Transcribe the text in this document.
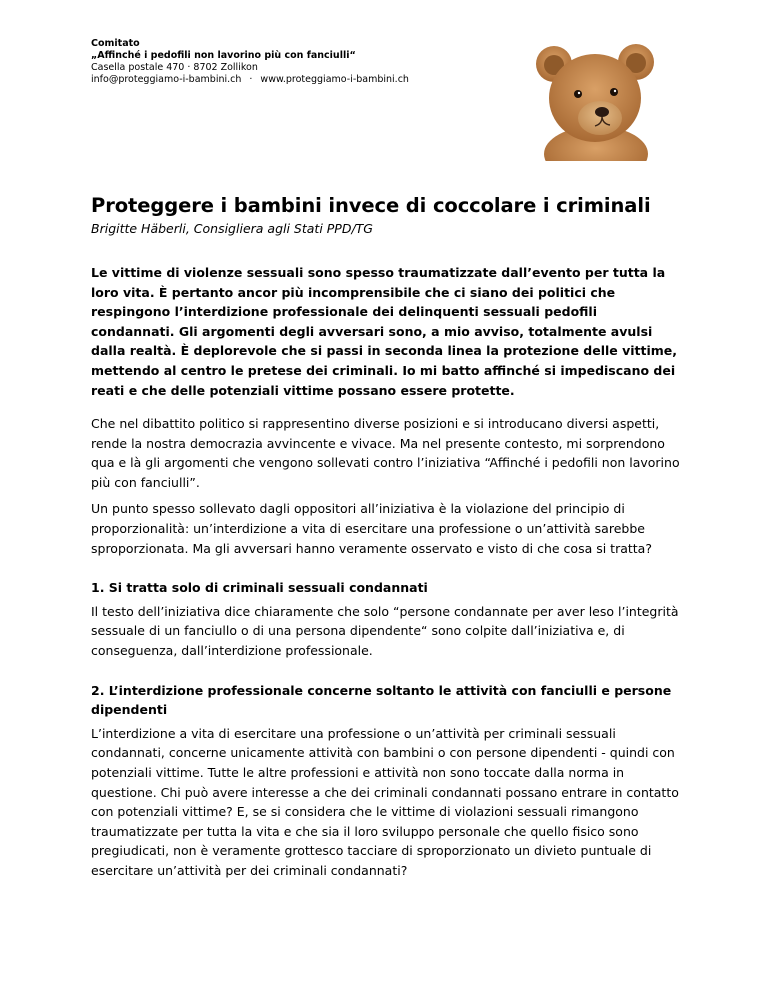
Comitato
„Affinché i pedofili non lavorino più con fanciulli“
Casella postale 470 · 8702 Zollikon
info@proteggiamo-i-bambini.ch · www.proteggiamo-i-bambini.ch
Proteggere i bambini invece di coccolare i criminali

Brigitte Häberli, Consigliera agli Stati PPD/TG

Le vittime di violenze sessuali sono spesso traumatizzate dall’evento per tutta la loro vita. È pertanto ancor più incomprensibile che ci siano dei politici che respingono l’interdizione professionale dei delinquenti sessuali pedofili condannati. Gli argomenti degli avversari sono, a mio avviso, totalmente avulsi dalla realtà. È deplorevole che si passi in seconda linea la protezione delle vittime, mettendo al centro le pretese dei criminali. Io mi batto affinché si impediscano dei reati e che delle potenziali vittime possano essere protette.

Che nel dibattito politico si rappresentino diverse posizioni e si introducano diversi aspetti, rende la nostra democrazia avvincente e vivace. Ma nel presente contesto, mi sorprendono qua e là gli argomenti che vengono sollevati contro l’iniziativa “Affinché i pedofili non lavorino più con fanciulli”.

Un punto spesso sollevato dagli oppositori all’iniziativa è la violazione del principio di proporzionalità: un’interdizione a vita di esercitare una professione o un’attività sarebbe sproporzionata. Ma gli avversari hanno veramente osservato e visto di che cosa si tratta?

1. Si tratta solo di criminali sessuali condannati

Il testo dell’iniziativa dice chiaramente che solo “persone condannate per aver leso l’integrità sessuale di un fanciullo o di una persona dipendente“ sono colpite dall’iniziativa e, di conseguenza, dall’interdizione professionale.

2. L’interdizione professionale concerne soltanto le attività con fanciulli e persone dipendenti

L’interdizione a vita di esercitare una professione o un’attività per criminali sessuali condannati, concerne unicamente attività con bambini o con persone dipendenti - quindi con potenziali vittime. Tutte le altre professioni e attività non sono toccate dalla norma in questione. Chi può avere interesse a che dei criminali condannati possano entrare in contatto con potenziali vittime? E, se si considera che le vittime di violazioni sessuali rimangono traumatizzate per tutta la vita e che sia il loro sviluppo personale che quello fisico sono pregiudicati, non è veramente grottesco tacciare di sproporzionato un divieto puntuale di esercitare un’attività per dei criminali condannati?
